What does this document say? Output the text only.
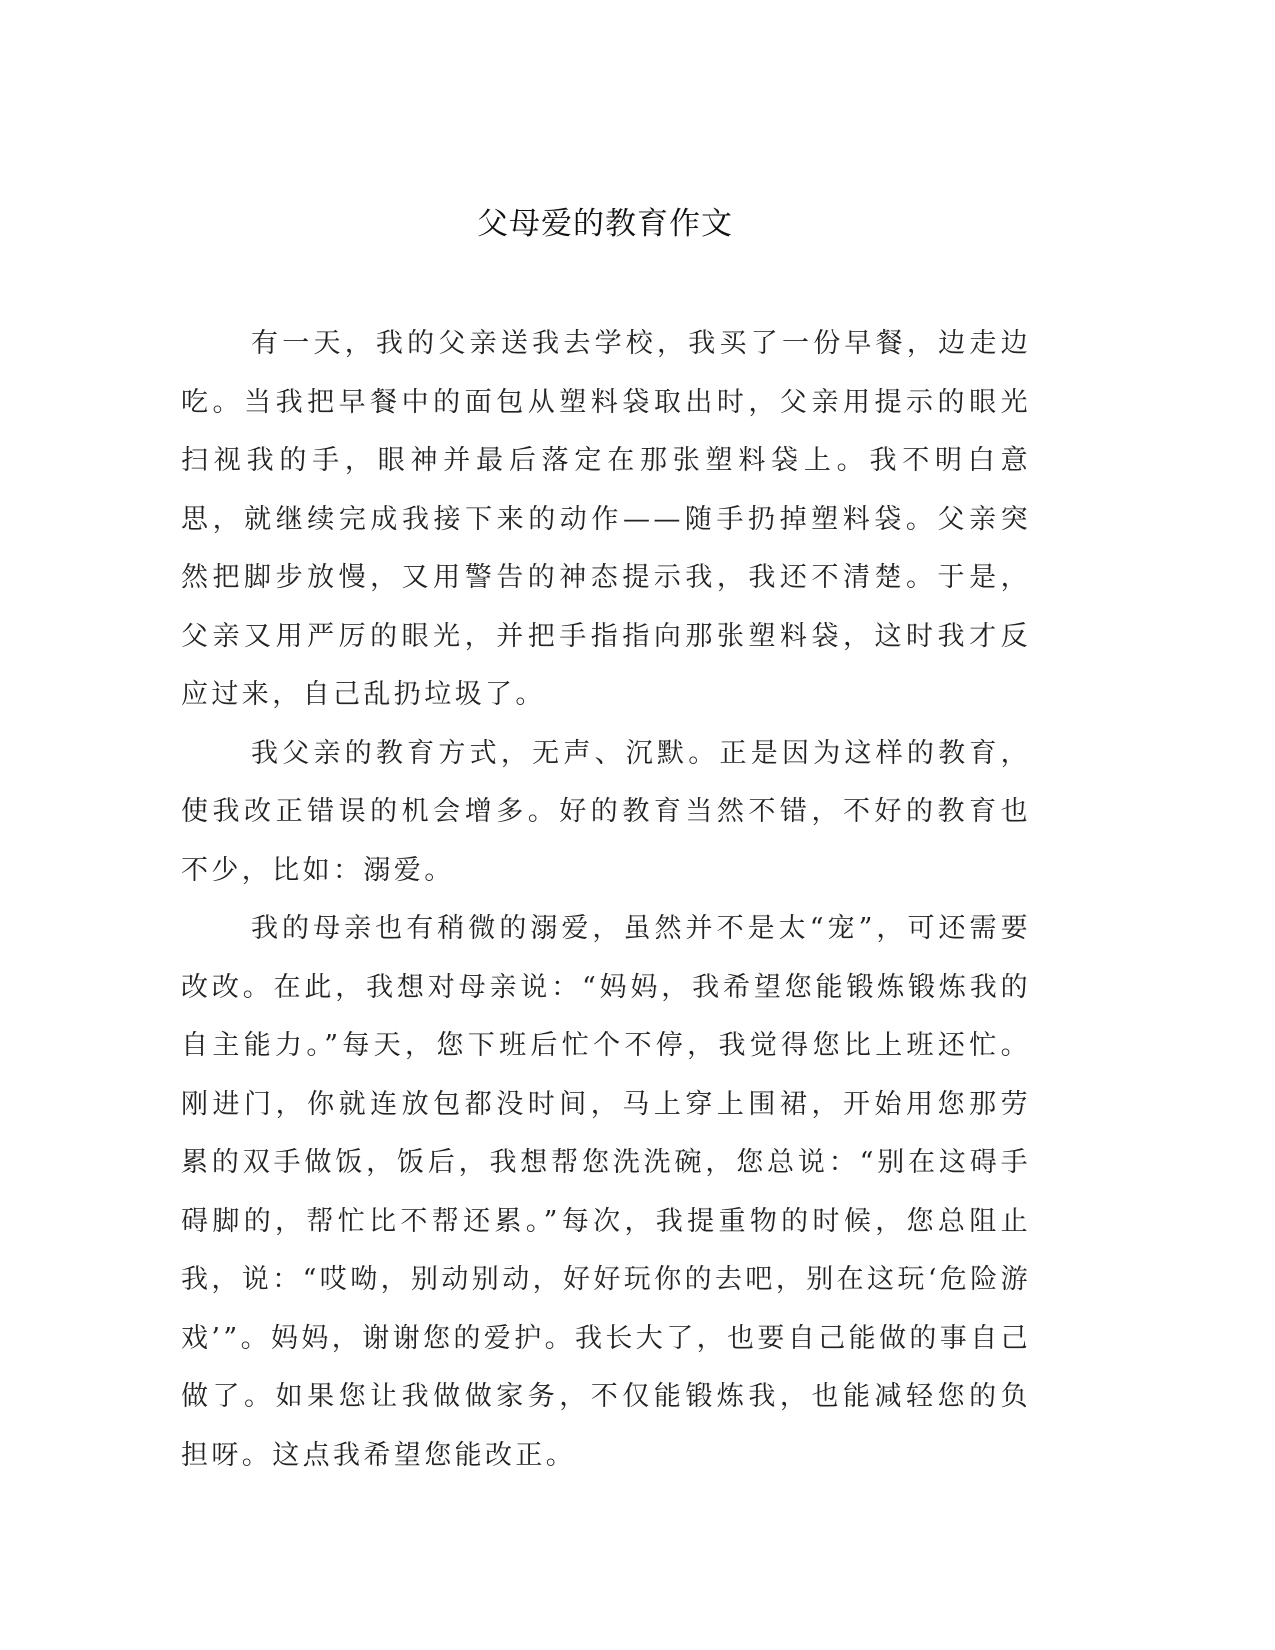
父母爱的教育作文

有一天，我的父亲送我去学校，我买了一份早餐，边走边吃。当我把早餐中的面包从塑料袋取出时，父亲用提示的眼光扫视我的手，眼神并最后落定在那张塑料袋上。我不明白意思，就继续完成我接下来的动作——随手扔掉塑料袋。父亲突然把脚步放慢，又用警告的神态提示我，我还不清楚。于是，父亲又用严厉的眼光，并把手指指向那张塑料袋，这时我才反应过来，自己乱扔垃圾了。

我父亲的教育方式，无声、沉默。正是因为这样的教育，使我改正错误的机会增多。好的教育当然不错，不好的教育也不少，比如：溺爱。

我的母亲也有稍微的溺爱，虽然并不是太“宠”，可还需要改改。在此，我想对母亲说：“妈妈，我希望您能锻炼锻炼我的自主能力。”每天，您下班后忙个不停，我觉得您比上班还忙。刚进门，你就连放包都没时间，马上穿上围裙，开始用您那劳累的双手做饭，饭后，我想帮您洗洗碗，您总说：“别在这碍手碍脚的，帮忙比不帮还累。”每次，我提重物的时候，您总阻止我，说：“哎呦，别动别动，好好玩你的去吧，别在这玩‘危险游戏’”。妈妈，谢谢您的爱护。我长大了，也要自己能做的事自己做了。如果您让我做做家务，不仅能锻炼我，也能减轻您的负担呀。这点我希望您能改正。
